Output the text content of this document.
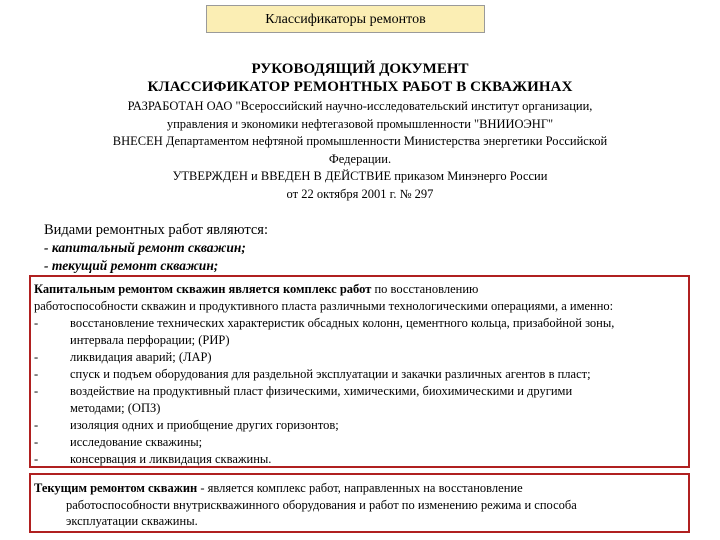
Классификаторы ремонтов
РУКОВОДЯЩИЙ ДОКУМЕНТ
КЛАССИФИКАТОР РЕМОНТНЫХ РАБОТ В СКВАЖИНАХ
РАЗРАБОТАН ОАО "Всероссийский научно-исследовательский институт организации,
управления и экономики нефтегазовой промышленности "ВНИИОЭНГ"
ВНЕСЕН Департаментом нефтяной промышленности Министерства энергетики Российской
Федерации.
УТВЕРЖДЕН и ВВЕДЕН В ДЕЙСТВИЕ приказом Минэнерго России
от 22 октября 2001 г. № 297
Видами ремонтных работ являются:
- капитальный ремонт скважин;
- текущий ремонт скважин;
Капитальным ремонтом скважин является комплекс работ по восстановлению
работоспособности скважин и продуктивного пласта различными технологическими операциями, а именно:
-	восстановление технических характеристик обсадных колонн, цементного кольца, призабойной зоны,
интервала перфорации; (РИР)
-	ликвидация аварий; (ЛАР)
-	спуск и подъем оборудования для раздельной эксплуатации и закачки различных агентов в пласт;
-	воздействие на продуктивный пласт физическими, химическими, биохимическими и другими
методами; (ОПЗ)
-	изоляция одних и приобщение других горизонтов;
-	исследование скважины;
-	консервация и ликвидация скважины.
Текущим ремонтом скважин - является комплекс работ, направленных на восстановление
работоспособности внутрискважинного оборудования и работ по изменению режима и способа
эксплуатации скважины.
